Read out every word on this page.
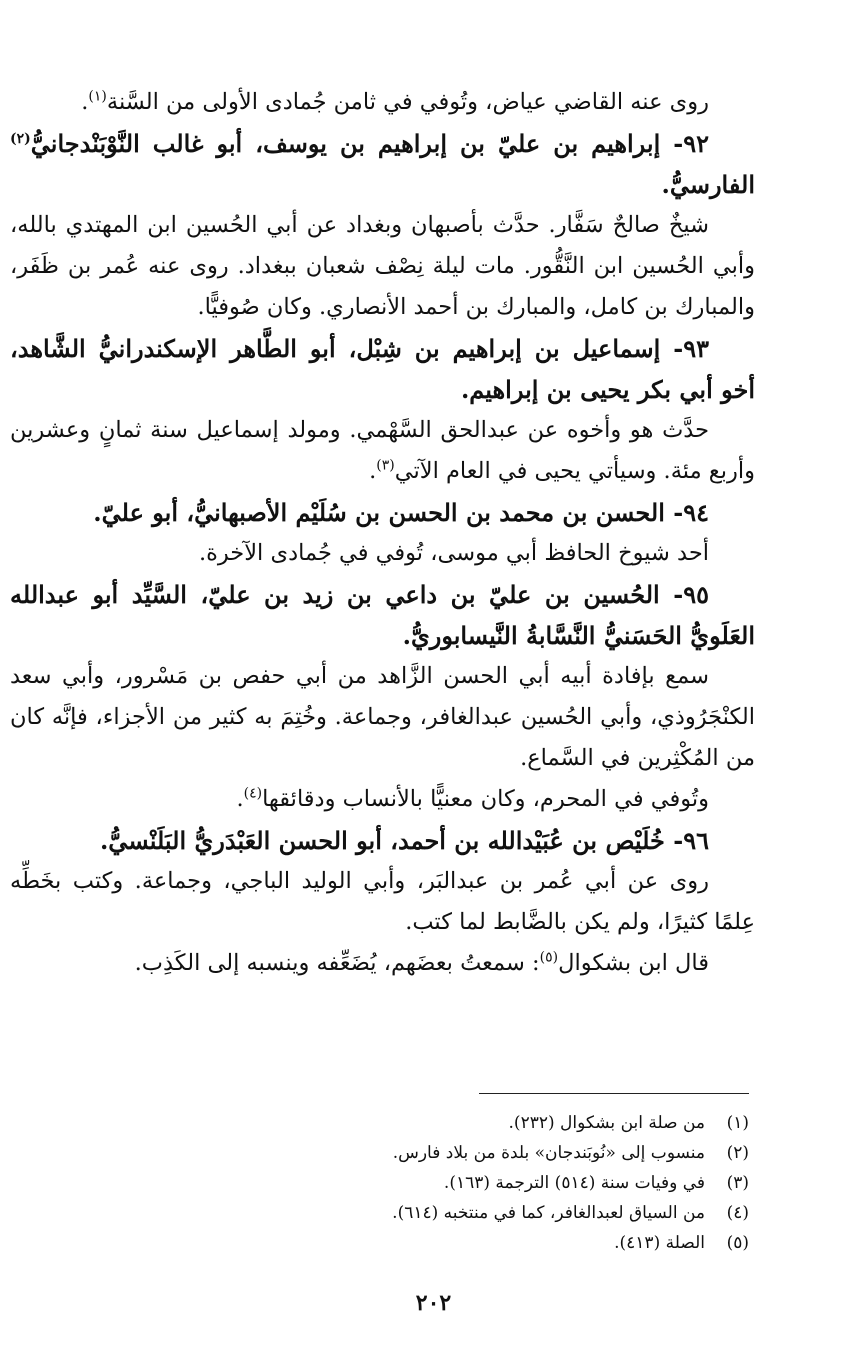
روى عنه القاضي عياض، وتُوفي في ثامن جُمادى الأولى من السَّنة$^{(١)}$.

٩٢- إبراهيم بن عليّ بن إبراهيم بن يوسف، أبو غالب النَّوْبَنْدجانيُّ$^{(٢)}$ الفارسيُّ.

شيخٌ صالحٌ سَفَّار. حدَّث بأصبهان وبغداد عن أبي الحُسين ابن المهتدي بالله، وأبي الحُسين ابن النَّقُّور. مات ليلة نِصْف شعبان ببغداد. روى عنه عُمر بن ظَفَر، والمبارك بن كامل، والمبارك بن أحمد الأنصاري. وكان صُوفيًّا.

٩٣- إسماعيل بن إبراهيم بن شِبْل، أبو الطَّاهر الإسكندرانيُّ الشَّاهد، أخو أبي بكر يحيى بن إبراهيم.

حدَّث هو وأخوه عن عبدالحق السَّهْمي. ومولد إسماعيل سنة ثمانٍ وعشرين وأربع مئة. وسيأتي يحيى في العام الآتي$^{(٣)}$.

٩٤- الحسن بن محمد بن الحسن بن سُلَيْم الأصبهانيُّ، أبو عليّ.

أحد شيوخ الحافظ أبي موسى، تُوفي في جُمادى الآخرة.

٩٥- الحُسين بن عليّ بن داعي بن زيد بن عليّ، السَّيِّد أبو عبدالله العَلَويُّ الحَسَنيُّ النَّسَّابةُ النَّيسابوريُّ.

سمع بإفادة أبيه أبي الحسن الزَّاهد من أبي حفص بن مَسْرور، وأبي سعد الكنْجَرُوذي، وأبي الحُسين عبدالغافر، وجماعة. وخُتِمَ به كثير من الأجزاء، فإنَّه كان من المُكْثِرين في السَّماع.

وتُوفي في المحرم، وكان معنيًّا بالأنساب ودقائقها$^{(٤)}$.

٩٦- خُلَيْص بن عُبَيْدالله بن أحمد، أبو الحسن العَبْدَريُّ البَلَنْسيُّ.

روى عن أبي عُمر بن عبدالبَر، وأبي الوليد الباجي، وجماعة. وكتب بخَطِّه عِلمًا كثيرًا، ولم يكن بالضَّابط لما كتب.

قال ابن بشكوال$^{(٥)}$: سمعتُ بعضَهم، يُضَعِّفه وينسبه إلى الكَذِب.

(١)
من صلة ابن بشكوال (٢٣٢).
(٢)
منسوب إلى «نُوبَندجان» بلدة من بلاد فارس.
(٣)
في وفيات سنة (٥١٤) الترجمة (١٦٣).
(٤)
من السياق لعبدالغافر، كما في منتخبه (٦١٤).
(٥)
الصلة (٤١٣).
٢٠٢
